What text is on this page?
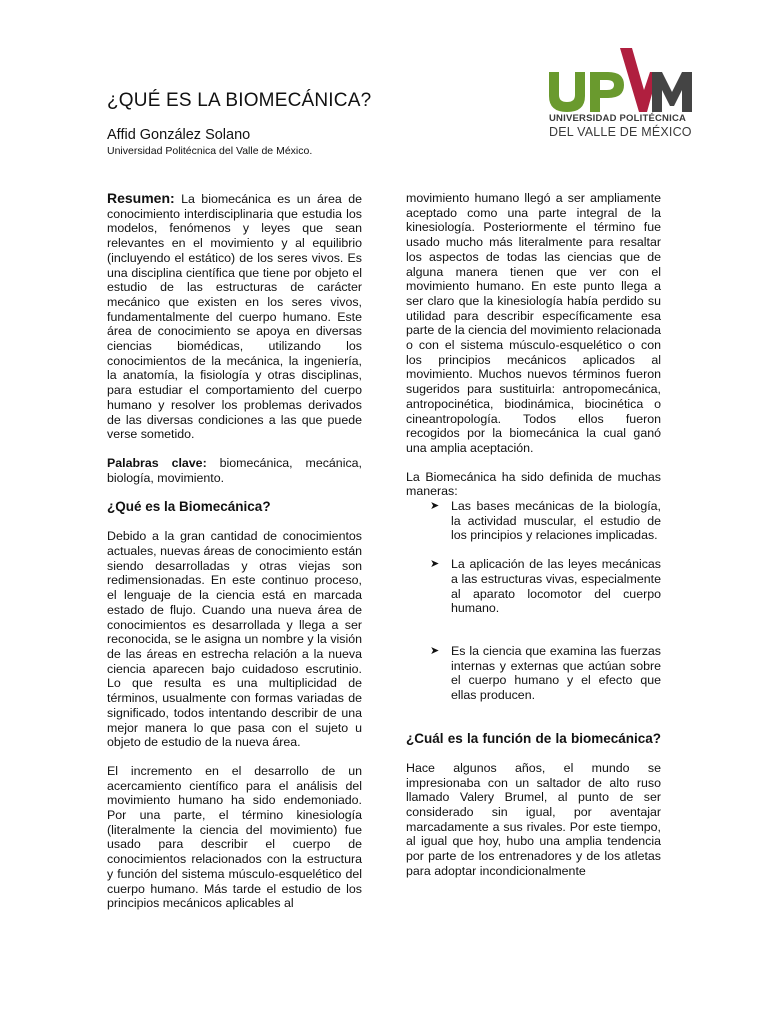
¿QUÉ ES LA BIOMECÁNICA?
Affid González Solano
Universidad Politécnica del Valle de México.
UNIVERSIDAD POLITÉCNICA
DEL VALLE DE MÉXICO

Resumen: La biomecánica es un área de conocimiento interdisciplinaria que estudia los modelos, fenómenos y leyes que sean relevantes en el movimiento y al equilibrio (incluyendo el estático) de los seres vivos. Es una disciplina científica que tiene por objeto el estudio de las estructuras de carácter mecánico que existen en los seres vivos, fundamentalmente del cuerpo humano. Este área de conocimiento se apoya en diversas ciencias biomédicas, utilizando los conocimientos de la mecánica, la ingeniería, la anatomía, la fisiología y otras disciplinas, para estudiar el comportamiento del cuerpo humano y resolver los problemas derivados de las diversas condiciones a las que puede verse sometido.

Palabras clave: biomecánica, mecánica, biología, movimiento.

¿Qué es la Biomecánica?

Debido a la gran cantidad de conocimientos actuales, nuevas áreas de conocimiento están siendo desarrolladas y otras viejas son redimensionadas. En este continuo proceso, el lenguaje de la ciencia está en marcada estado de flujo. Cuando una nueva área de conocimientos es desarrollada y llega a ser reconocida, se le asigna un nombre y la visión de las áreas en estrecha relación a la nueva ciencia aparecen bajo cuidadoso escrutinio. Lo que resulta es una multiplicidad de términos, usualmente con formas variadas de significado, todos intentando describir de una mejor manera lo que pasa con el sujeto u objeto de estudio de la nueva área.

El incremento en el desarrollo de un acercamiento científico para el análisis del movimiento humano ha sido endemoniado. Por una parte, el término kinesiología (literalmente la ciencia del movimiento) fue usado para describir el cuerpo de conocimientos relacionados con la estructura y función del sistema músculo-esquelético del cuerpo humano. Más tarde el estudio de los principios mecánicos aplicables al

movimiento humano llegó a ser ampliamente aceptado como una parte integral de la kinesiología. Posteriormente el término fue usado mucho más literalmente para resaltar los aspectos de todas las ciencias que de alguna manera tienen que ver con el movimiento humano. En este punto llega a ser claro que la kinesiología había perdido su utilidad para describir específicamente esa parte de la ciencia del movimiento relacionada o con el sistema músculo-esquelético o con los principios mecánicos aplicados al movimiento. Muchos nuevos términos fueron sugeridos para sustituirla: antropomecánica, antropocinética, biodinámica, biocinética o cineantropología. Todos ellos fueron recogidos por la biomecánica la cual ganó una amplia aceptación.

La Biomecánica ha sido definida de muchas maneras:

➤ Las bases mecánicas de la biología, la actividad muscular, el estudio de los principios y relaciones implicadas.
➤ La aplicación de las leyes mecánicas a las estructuras vivas, especialmente al aparato locomotor del cuerpo humano.
➤ Es la ciencia que examina las fuerzas internas y externas que actúan sobre el cuerpo humano y el efecto que ellas producen.
¿Cuál es la función de la biomecánica?

Hace algunos años, el mundo se impresionaba con un saltador de alto ruso llamado Valery Brumel, al punto de ser considerado sin igual, por aventajar marcadamente a sus rivales. Por este tiempo, al igual que hoy, hubo una amplia tendencia por parte de los entrenadores y de los atletas para adoptar incondicionalmente
